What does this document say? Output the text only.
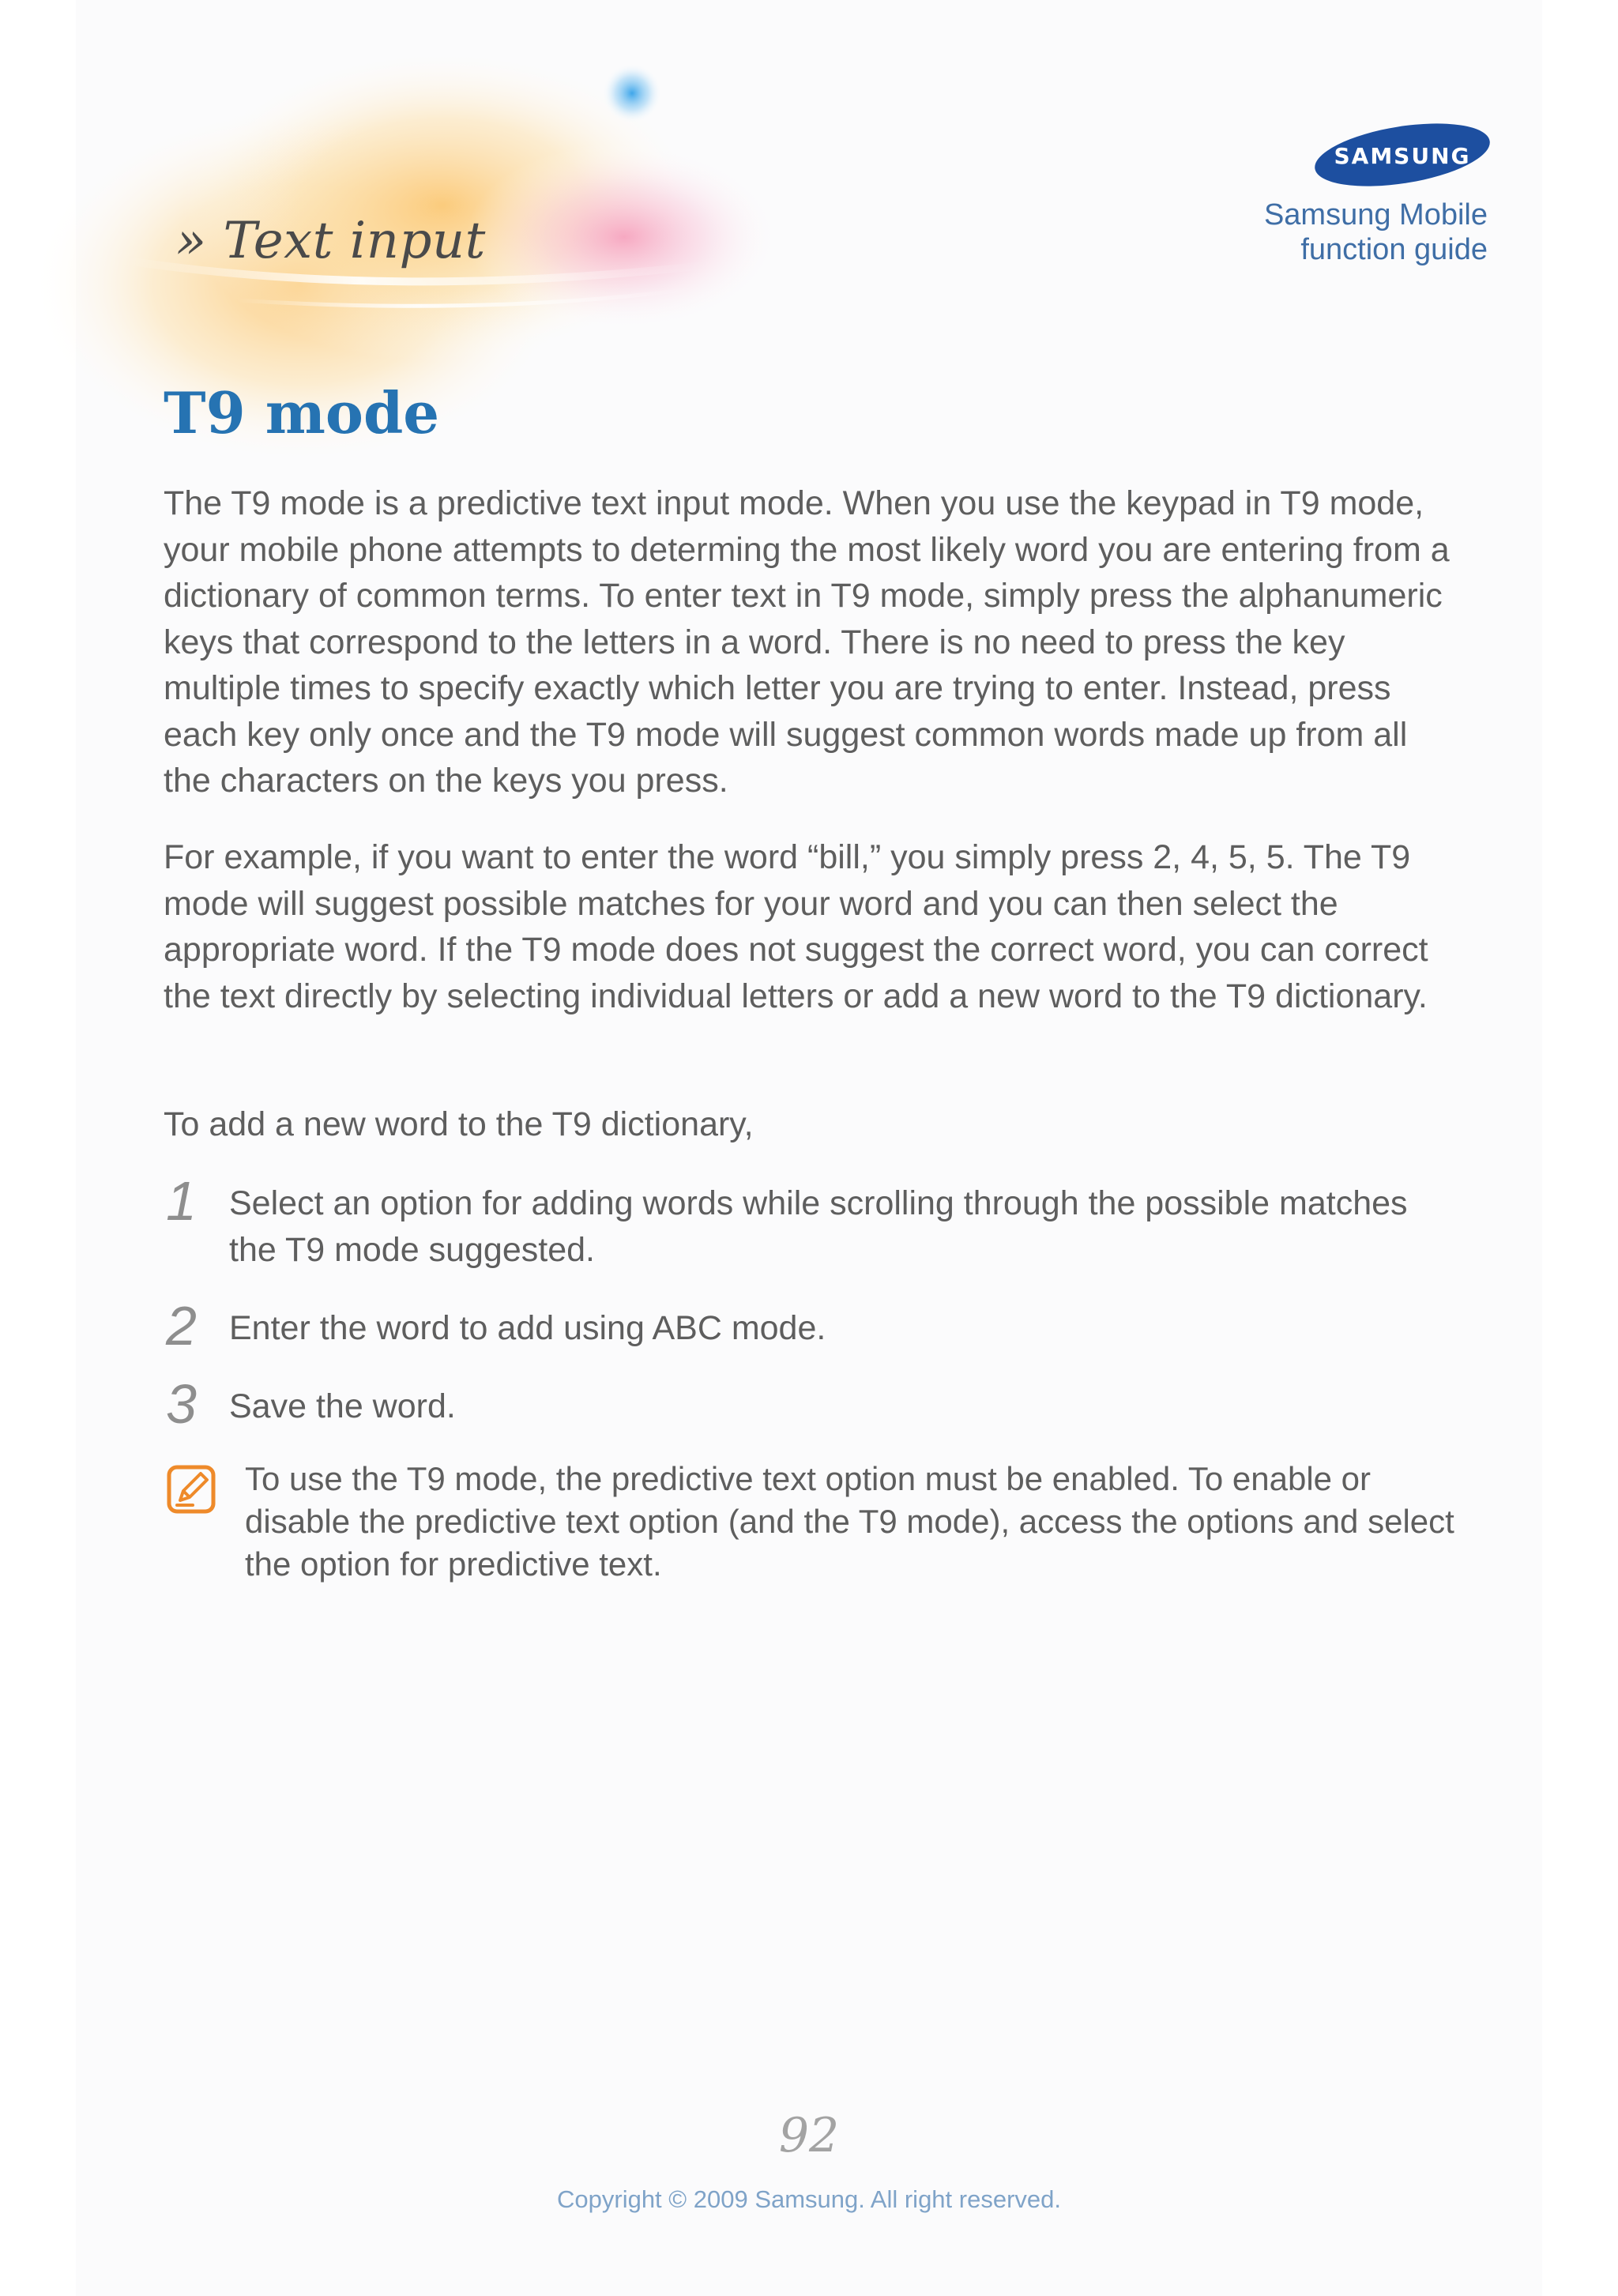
» Text input
SAMSUNG
Samsung Mobile
function guide
T9 mode
The T9 mode is a predictive text input mode. When you use the keypad in T9 mode, your mobile phone attempts to determing the most likely word you are entering from a dictionary of common terms. To enter text in T9 mode, simply press the alphanumeric keys that correspond to the letters in a word. There is no need to press the key multiple times to specify exactly which letter you are trying to enter. Instead, press each key only once and the T9 mode will suggest common words made up from all the characters on the keys you press.
For example, if you want to enter the word “bill,” you simply press 2, 4, 5, 5. The T9 mode will suggest possible matches for your word and you can then select the appropriate word. If the T9 mode does not suggest the correct word, you can correct the text directly by selecting individual letters or add a new word to the T9 dictionary.
To add a new word to the T9 dictionary,
1 Select an option for adding words while scrolling through the possible matches the T9 mode suggested.
2 Enter the word to add using ABC mode.
3 Save the word.
To use the T9 mode, the predictive text option must be enabled. To enable or disable the predictive text option (and the T9 mode), access the options and select the option for predictive text.
92
Copyright © 2009 Samsung. All right reserved.
